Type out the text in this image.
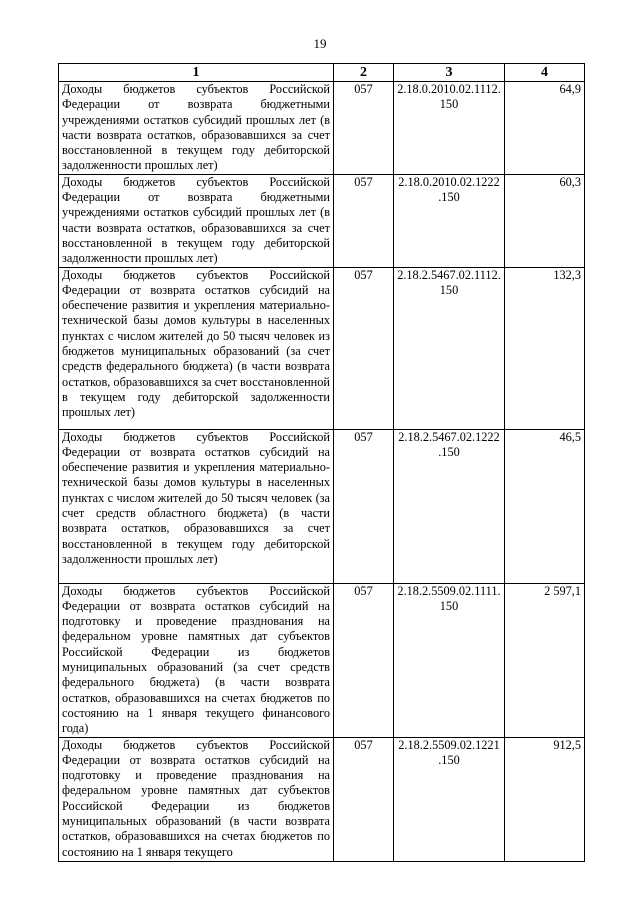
19
1	2	3	4
Доходы бюджетов субъектов Российской Федерации от возврата бюджетными учреждениями остатков субсидий прошлых лет (в части возврата остатков, образовавшихся за счет восстановленной в текущем году дебиторской задолженности прошлых лет)	057	2.18.0.2010.02.1112.150	64,9
Доходы бюджетов субъектов Российской Федерации от возврата бюджетными учреждениями остатков субсидий прошлых лет (в части возврата остатков, образовавшихся за счет восстановленной в текущем году дебиторской задолженности прошлых лет)	057	2.18.0.2010.02.1222.150	60,3
Доходы бюджетов субъектов Российской Федерации от возврата остатков субсидий на обеспечение развития и укрепления материально-технической базы домов культуры в населенных пунктах с числом жителей до 50 тысяч человек из бюджетов муниципальных образований (за счет средств федерального бюджета) (в части возврата остатков, образовавшихся за счет восстановленной в текущем году дебиторской задолженности прошлых лет)	057	2.18.2.5467.02.1112.150	132,3
Доходы бюджетов субъектов Российской Федерации от возврата остатков субсидий на обеспечение развития и укрепления материально-технической базы домов культуры в населенных пунктах с числом жителей до 50 тысяч человек (за счет средств областного бюджета) (в части возврата остатков, образовавшихся за счет восстановленной в текущем году дебиторской задолженности прошлых лет)	057	2.18.2.5467.02.1222.150	46,5
Доходы бюджетов субъектов Российской Федерации от возврата остатков субсидий на подготовку и проведение празднования на федеральном уровне памятных дат субъектов Российской Федерации из бюджетов муниципальных образований (за счет средств федерального бюджета) (в части возврата остатков, образовавшихся на счетах бюджетов по состоянию на 1 января текущего финансового года)	057	2.18.2.5509.02.1111.150	2 597,1
Доходы бюджетов субъектов Российской Федерации от возврата остатков субсидий на подготовку и проведение празднования на федеральном уровне памятных дат субъектов Российской Федерации из бюджетов муниципальных образований (в части возврата остатков, образовавшихся на счетах бюджетов по состоянию на 1 января текущего	057	2.18.2.5509.02.1221.150	912,5
